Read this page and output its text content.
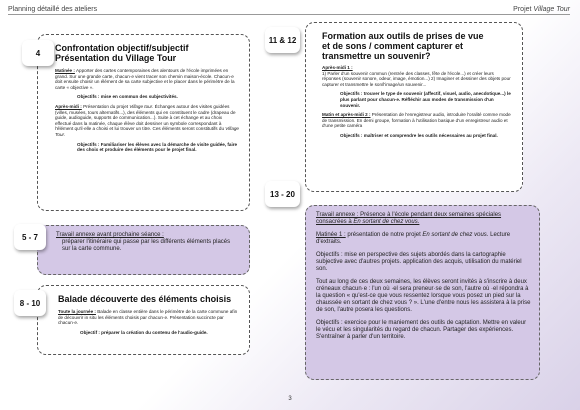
Planning détaillé des ateliers	Projet Village Tour
Confrontation objectif/subjectif
Présentation du Village Tour
Matinée : Apporter des cartes contemporaines des alentours de l'école imprimées en grand. Sur une grande carte, chacun·e vient tracer son chemin maison-école. Chacun·e doit ensuite choisir un élément de sa carte subjective et le placer dans le périmètre de la carte « objective ».
Objectifs : mise en commun des subjectivités.
Après-midi : Présentation du projet Village tour. Échanges autour des visites guidées (villes, musées, tours alternatifs...), des éléments qui en constituent le cadre (drapeau de guide, audioguide, supports de communication...). Suite à cet échange et au choix effectué dans la matinée, chaque élève doit dessiner un symbole correspondant à l'élément qu'il·elle a choisi et lui trouver un titre. Ces éléments seront constitutifs du Village Tour.
Objectifs : Familiariser les élèves avec la démarche de visite guidée, faire des choix et produire des éléments pour le projet final.
4
Travail annexe avant prochaine séance :
préparer l'itinéraire qui passe par les différents éléments placés sur la carte commune.
5 - 7
Balade découverte des éléments choisis
Toute la journée : Balade en classe entière dans le périmètre de la carte commune afin de découvrir in situ les éléments choisis par chacun·e. Présentation succincte par chacun·e.
Objectif : préparer la création du contenu de l'audio-guide.
8 - 10
Formation aux outils de prises de vue
et de sons / comment capturer et
transmettre un souvenir?
Après-midi 1 :
1) Parler d'un souvenir commun (rentrée des classes, fête de l'école...) et créer leurs réponses (souvenir sonore, odeur, image, émotion...) 2) Imaginer et dessiner des objets pour capturer et transmettre le son/l'image/un souvenir...
Objectifs : trouver le type de souvenir (affectif, visuel, audio, anecdotique...) le plus parlant pour chacun·e. Réfléchir aux modes de transmission d'un souvenir.
Matin et après-midi 2 : Présentation de l'enregistreur audio, introduire l'oralité comme mode de transmission. En demi groupe, formation à l'utilisation basique d'un enregistreur audio et d'une petite caméra
Objectifs : maîtriser et comprendre les outils nécessaires au projet final.
11 & 12
Travail annexe : Présence à l'école pendant deux semaines spéciales consacrées à En sortant de chez vous.
Matinée 1 : présentation de notre projet En sortant de chez vous. Lecture d'extraits.
Objectifs : mise en perspective des sujets abordés dans la cartographie subjective avec d'autres projets. application des acquis, utilisation du matériel son.
Tout au long de ces deux semaines, les élèves seront invités à s'inscrire à deux créneaux chacun·e : l'un où ·el sera preneur·se de son, l'autre où ·el répondra à la question « qu'est-ce que vous ressentez lorsque vous posez un pied sur la chaussée en sortant de chez vous ? ». L'une d'entre nous les assistera à la prise de son, l'autre posera les questions.
Objectifs : exercice pour le maniement des outils de captation. Mettre en valeur le vécu et les singularités du regard de chacun. Partager des expériences. S'entraîner à parler d'un territoire.
13 - 20
3
